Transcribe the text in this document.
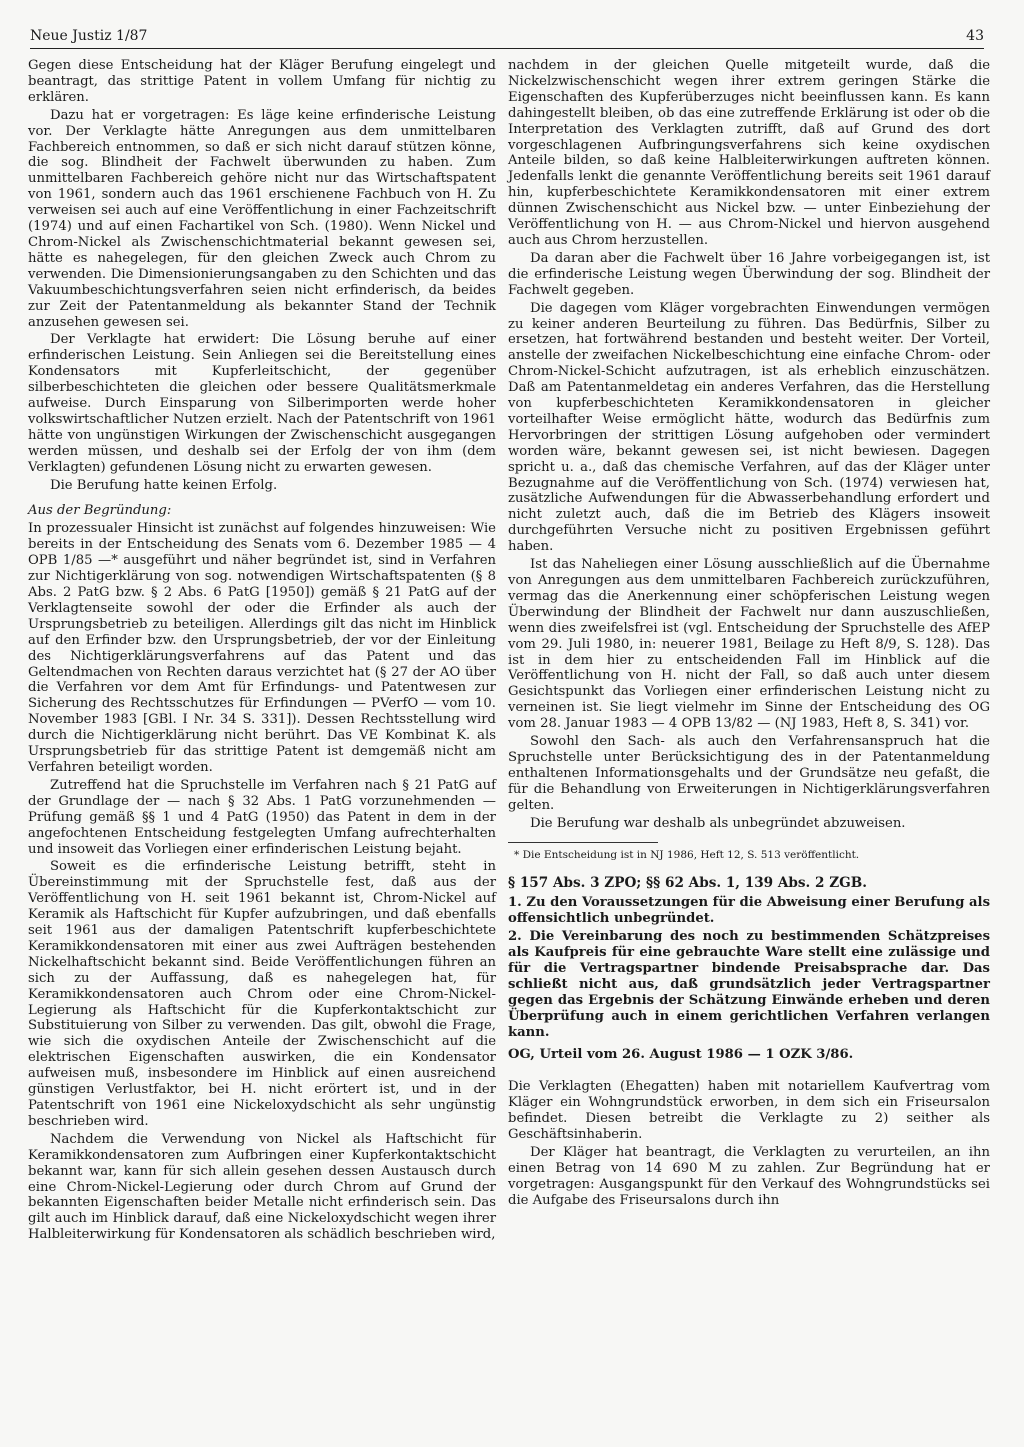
Neue Justiz 1/87	43

Gegen diese Entscheidung hat der Kläger Berufung eingelegt und beantragt, das strittige Patent in vollem Umfang für nichtig zu erklären.

Dazu hat er vorgetragen: Es läge keine erfinderische Leistung vor. Der Verklagte hätte Anregungen aus dem unmittelbaren Fachbereich entnommen, so daß er sich nicht darauf stützen könne, die sog. Blindheit der Fachwelt überwunden zu haben. Zum unmittelbaren Fachbereich gehöre nicht nur das Wirtschaftspatent von 1961, sondern auch das 1961 erschienene Fachbuch von H. Zu verweisen sei auch auf eine Veröffentlichung in einer Fachzeitschrift (1974) und auf einen Fachartikel von Sch. (1980). Wenn Nickel und Chrom-Nickel als Zwischenschichtmaterial bekannt gewesen sei, hätte es nahegelegen, für den gleichen Zweck auch Chrom zu verwenden. Die Dimensionierungsangaben zu den Schichten und das Vakuumbeschichtungsverfahren seien nicht erfinderisch, da beides zur Zeit der Patentanmeldung als bekannter Stand der Technik anzusehen gewesen sei.

Der Verklagte hat erwidert: Die Lösung beruhe auf einer erfinderischen Leistung. Sein Anliegen sei die Bereitstellung eines Kondensators mit Kupferleitschicht, der gegenüber silberbeschichteten die gleichen oder bessere Qualitätsmerkmale aufweise. Durch Einsparung von Silberimporten werde hoher volkswirtschaftlicher Nutzen erzielt. Nach der Patentschrift von 1961 hätte von ungünstigen Wirkungen der Zwischenschicht ausgegangen werden müssen, und deshalb sei der Erfolg der von ihm (dem Verklagten) gefundenen Lösung nicht zu erwarten gewesen.

Die Berufung hatte keinen Erfolg.

Aus der Begründung:

In prozessualer Hinsicht ist zunächst auf folgendes hinzuweisen: Wie bereits in der Entscheidung des Senats vom 6. Dezember 1985 — 4 OPB 1/85 —* ausgeführt und näher begründet ist, sind in Verfahren zur Nichtigerklärung von sog. notwendigen Wirtschaftspatenten (§ 8 Abs. 2 PatG bzw. § 2 Abs. 6 PatG [1950]) gemäß § 21 PatG auf der Verklagtenseite sowohl der oder die Erfinder als auch der Ursprungsbetrieb zu beteiligen. Allerdings gilt das nicht im Hinblick auf den Erfinder bzw. den Ursprungsbetrieb, der vor der Einleitung des Nichtigerklärungsverfahrens auf das Patent und das Geltendmachen von Rechten daraus verzichtet hat (§ 27 der AO über die Verfahren vor dem Amt für Erfindungs- und Patentwesen zur Sicherung des Rechtsschutzes für Erfindungen — PVerfO — vom 10. November 1983 [GBl. I Nr. 34 S. 331]). Dessen Rechtsstellung wird durch die Nichtigerklärung nicht berührt. Das VE Kombinat K. als Ursprungsbetrieb für das strittige Patent ist demgemäß nicht am Verfahren beteiligt worden.

Zutreffend hat die Spruchstelle im Verfahren nach § 21 PatG auf der Grundlage der — nach § 32 Abs. 1 PatG vorzunehmenden — Prüfung gemäß §§ 1 und 4 PatG (1950) das Patent in dem in der angefochtenen Entscheidung festgelegten Umfang aufrechterhalten und insoweit das Vorliegen einer erfinderischen Leistung bejaht.

Soweit es die erfinderische Leistung betrifft, steht in Übereinstimmung mit der Spruchstelle fest, daß aus der Veröffentlichung von H. seit 1961 bekannt ist, Chrom-Nickel auf Keramik als Haftschicht für Kupfer aufzubringen, und daß ebenfalls seit 1961 aus der damaligen Patentschrift kupferbeschichtete Keramikkondensatoren mit einer aus zwei Aufträgen bestehenden Nickelhaftschicht bekannt sind. Beide Veröffentlichungen führen an sich zu der Auffassung, daß es nahegelegen hat, für Keramikkondensatoren auch Chrom oder eine Chrom-Nickel-Legierung als Haftschicht für die Kupferkontaktschicht zur Substituierung von Silber zu verwenden. Das gilt, obwohl die Frage, wie sich die oxydischen Anteile der Zwischenschicht auf die elektrischen Eigenschaften auswirken, die ein Kondensator aufweisen muß, insbesondere im Hinblick auf einen ausreichend günstigen Verlustfaktor, bei H. nicht erörtert ist, und in der Patentschrift von 1961 eine Nickeloxydschicht als sehr ungünstig beschrieben wird.

Nachdem die Verwendung von Nickel als Haftschicht für Keramikkondensatoren zum Aufbringen einer Kupferkontaktschicht bekannt war, kann für sich allein gesehen dessen Austausch durch eine Chrom-Nickel-Legierung oder durch Chrom auf Grund der bekannten Eigenschaften beider Metalle nicht erfinderisch sein. Das gilt auch im Hinblick darauf, daß eine Nickeloxydschicht wegen ihrer Halbleiterwirkung für Kondensatoren als schädlich beschrieben wird,

nachdem in der gleichen Quelle mitgeteilt wurde, daß die Nickelzwischenschicht wegen ihrer extrem geringen Stärke die Eigenschaften des Kupferüberzuges nicht beeinflussen kann. Es kann dahingestellt bleiben, ob das eine zutreffende Erklärung ist oder ob die Interpretation des Verklagten zutrifft, daß auf Grund des dort vorgeschlagenen Aufbringungsverfahrens sich keine oxydischen Anteile bilden, so daß keine Halbleiterwirkungen auftreten können. Jedenfalls lenkt die genannte Veröffentlichung bereits seit 1961 darauf hin, kupferbeschichtete Keramikkondensatoren mit einer extrem dünnen Zwischenschicht aus Nickel bzw. — unter Einbeziehung der Veröffentlichung von H. — aus Chrom-Nickel und hiervon ausgehend auch aus Chrom herzustellen.

Da daran aber die Fachwelt über 16 Jahre vorbeigegangen ist, ist die erfinderische Leistung wegen Überwindung der sog. Blindheit der Fachwelt gegeben.

Die dagegen vom Kläger vorgebrachten Einwendungen vermögen zu keiner anderen Beurteilung zu führen. Das Bedürfnis, Silber zu ersetzen, hat fortwährend bestanden und besteht weiter. Der Vorteil, anstelle der zweifachen Nickelbeschichtung eine einfache Chrom- oder Chrom-Nickel-Schicht aufzutragen, ist als erheblich einzuschätzen. Daß am Patentanmeldetag ein anderes Verfahren, das die Herstellung von kupferbeschichteten Keramikkondensatoren in gleicher vorteilhafter Weise ermöglicht hätte, wodurch das Bedürfnis zum Hervorbringen der strittigen Lösung aufgehoben oder vermindert worden wäre, bekannt gewesen sei, ist nicht bewiesen. Dagegen spricht u. a., daß das chemische Verfahren, auf das der Kläger unter Bezugnahme auf die Veröffentlichung von Sch. (1974) verwiesen hat, zusätzliche Aufwendungen für die Abwasserbehandlung erfordert und nicht zuletzt auch, daß die im Betrieb des Klägers insoweit durchgeführten Versuche nicht zu positiven Ergebnissen geführt haben.

Ist das Naheliegen einer Lösung ausschließlich auf die Übernahme von Anregungen aus dem unmittelbaren Fachbereich zurückzuführen, vermag das die Anerkennung einer schöpferischen Leistung wegen Überwindung der Blindheit der Fachwelt nur dann auszuschließen, wenn dies zweifelsfrei ist (vgl. Entscheidung der Spruchstelle des AfEP vom 29. Juli 1980, in: neuerer 1981, Beilage zu Heft 8/9, S. 128). Das ist in dem hier zu entscheidenden Fall im Hinblick auf die Veröffentlichung von H. nicht der Fall, so daß auch unter diesem Gesichtspunkt das Vorliegen einer erfinderischen Leistung nicht zu verneinen ist. Sie liegt vielmehr im Sinne der Entscheidung des OG vom 28. Januar 1983 — 4 OPB 13/82 — (NJ 1983, Heft 8, S. 341) vor.

Sowohl den Sach- als auch den Verfahrensanspruch hat die Spruchstelle unter Berücksichtigung des in der Patentanmeldung enthaltenen Informationsgehalts und der Grundsätze neu gefaßt, die für die Behandlung von Erweiterungen in Nichtigerklärungsverfahren gelten.

Die Berufung war deshalb als unbegründet abzuweisen.

* Die Entscheidung ist in NJ 1986, Heft 12, S. 513 veröffentlicht.

§ 157 Abs. 3 ZPO; §§ 62 Abs. 1, 139 Abs. 2 ZGB.

1. Zu den Voraussetzungen für die Abweisung einer Berufung als offensichtlich unbegründet.

2. Die Vereinbarung des noch zu bestimmenden Schätzpreises als Kaufpreis für eine gebrauchte Ware stellt eine zulässige und für die Vertragspartner bindende Preisabsprache dar. Das schließt nicht aus, daß grundsätzlich jeder Vertragspartner gegen das Ergebnis der Schätzung Einwände erheben und deren Überprüfung auch in einem gerichtlichen Verfahren verlangen kann.

OG, Urteil vom 26. August 1986 — 1 OZK 3/86.

Die Verklagten (Ehegatten) haben mit notariellem Kaufvertrag vom Kläger ein Wohngrundstück erworben, in dem sich ein Friseursalon befindet. Diesen betreibt die Verklagte zu 2) seither als Geschäftsinhaberin.

Der Kläger hat beantragt, die Verklagten zu verurteilen, an ihn einen Betrag von 14 690 M zu zahlen. Zur Begründung hat er vorgetragen: Ausgangspunkt für den Verkauf des Wohngrundstücks sei die Aufgabe des Friseursalons durch ihn
